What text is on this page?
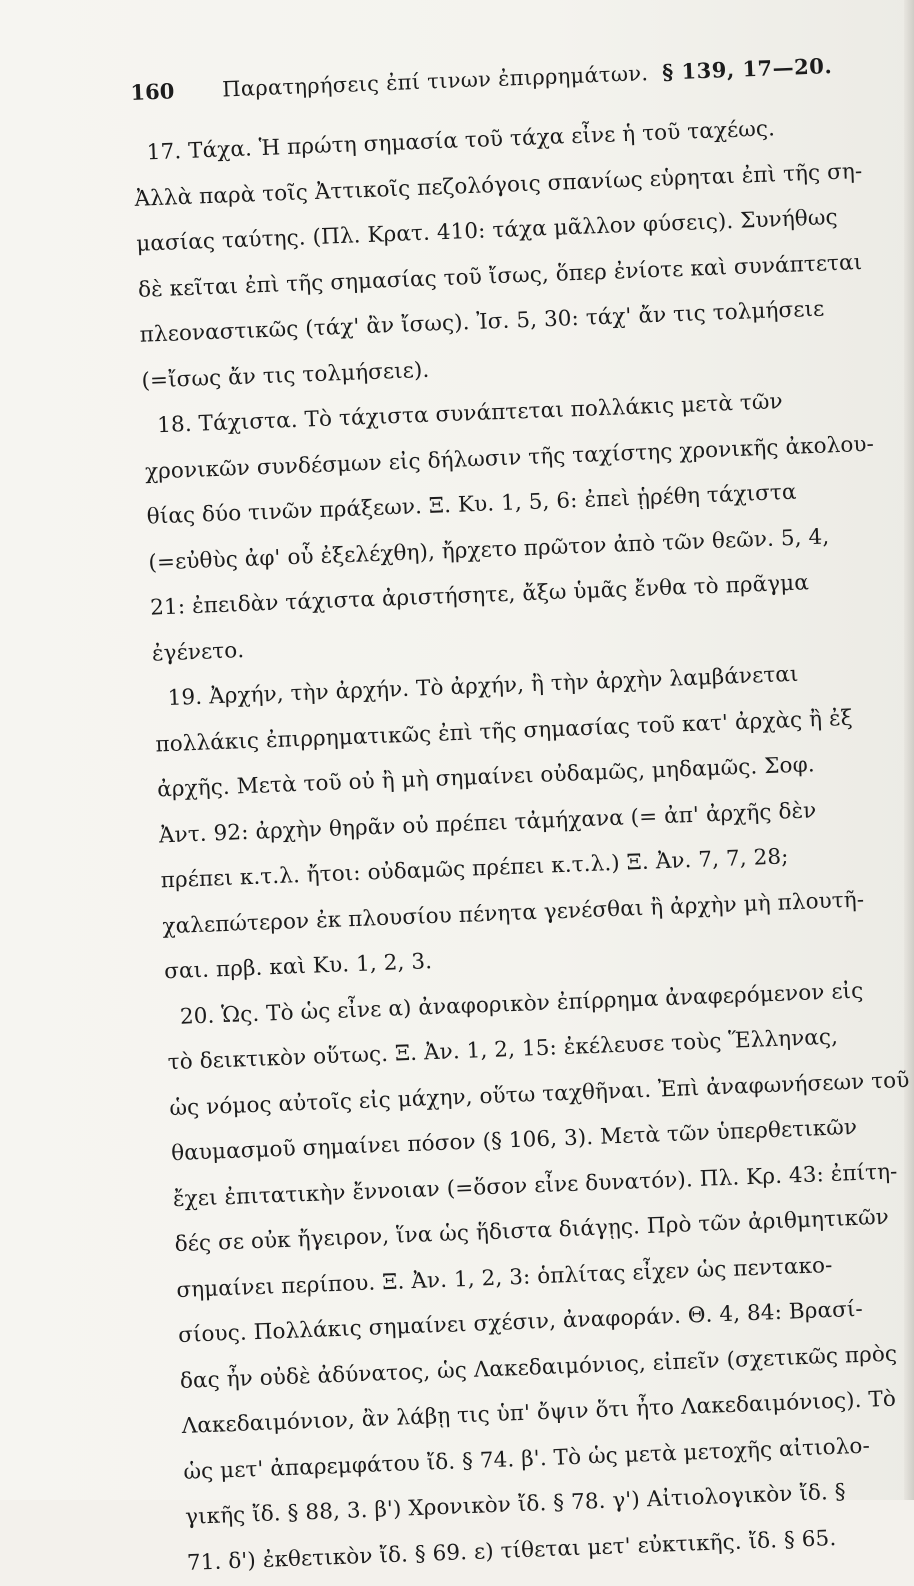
160 Παρατηρήσεις ἐπί τινων ἐπιρρημάτων. § 139, 17—20.
17. Τάχα. Ἡ πρώτη σημασία τοῦ τάχα εἶνε ἡ τοῦ ταχέως.
Ἀλλὰ παρὰ τοῖς Ἀττικοῖς πεζολόγοις σπανίως εὑρηται ἐπὶ τῆς ση-
μασίας ταύτης. (Πλ. Κρατ. 410: τάχα μᾶλλον φύσεις). Συνήθως
δὲ κεῖται ἐπὶ τῆς σημασίας τοῦ ἴσως, ὅπερ ἐνίοτε καὶ συνάπτεται
πλεοναστικῶς (τάχ' ἂν ἴσως). Ἰσ. 5, 30: τάχ' ἄν τις τολμήσειε
(=ἴσως ἄν τις τολμήσειε).
18. Τάχιστα. Τὸ τάχιστα συνάπτεται πολλάκις μετὰ τῶν
χρονικῶν συνδέσμων εἰς δήλωσιν τῆς ταχίστης χρονικῆς ἀκολου-
θίας δύο τινῶν πράξεων. Ξ. Κυ. 1, 5, 6: ἐπεὶ ᾑρέθη τάχιστα
(=εὐθὺς ἀφ' οὗ ἐξελέχθη), ἤρχετο πρῶτον ἀπὸ τῶν θεῶν. 5, 4,
21: ἐπειδὰν τάχιστα ἀριστήσητε, ἄξω ὑμᾶς ἔνθα τὸ πρᾶγμα
ἐγένετο.
19. Ἀρχήν, τὴν ἀρχήν. Τὸ ἀρχήν, ἢ τὴν ἀρχὴν λαμβάνεται
πολλάκις ἐπιρρηματικῶς ἐπὶ τῆς σημασίας τοῦ κατ' ἀρχὰς ἢ ἐξ
ἀρχῆς. Μετὰ τοῦ οὐ ἢ μὴ σημαίνει οὐδαμῶς, μηδαμῶς. Σοφ.
Ἀντ. 92: ἀρχὴν θηρᾶν οὐ πρέπει τἀμήχανα (= ἀπ' ἀρχῆς δὲν
πρέπει κ.τ.λ. ἤτοι: οὐδαμῶς πρέπει κ.τ.λ.) Ξ. Ἀν. 7, 7, 28;
χαλεπώτερον ἐκ πλουσίου πένητα γενέσθαι ἢ ἀρχὴν μὴ πλουτῆ-
σαι. πρβ. καὶ Κυ. 1, 2, 3.
20. Ὡς. Τὸ ὡς εἶνε α) ἀναφορικὸν ἐπίρρημα ἀναφερόμενον εἰς
τὸ δεικτικὸν οὕτως. Ξ. Ἀν. 1, 2, 15: ἐκέλευσε τοὺς Ἕλληνας,
ὡς νόμος αὐτοῖς εἰς μάχην, οὕτω ταχθῆναι. Ἐπὶ ἀναφωνήσεων τοῦ
θαυμασμοῦ σημαίνει πόσον (§ 106, 3). Μετὰ τῶν ὑπερθετικῶν
ἔχει ἐπιτατικὴν ἔννοιαν (=ὅσον εἶνε δυνατόν). Πλ. Κρ. 43: ἐπίτη-
δές σε οὐκ ἤγειρον, ἵνα ὡς ἥδιστα διάγῃς. Πρὸ τῶν ἀριθμητικῶν
σημαίνει περίπου. Ξ. Ἀν. 1, 2, 3: ὁπλίτας εἶχεν ὡς πεντακο-
σίους. Πολλάκις σημαίνει σχέσιν, ἀναφοράν. Θ. 4, 84: Βρασί-
δας ἦν οὐδὲ ἀδύνατος, ὡς Λακεδαιμόνιος, εἰπεῖν (σχετικῶς πρὸς
Λακεδαιμόνιον, ἂν λάβῃ τις ὑπ' ὄψιν ὅτι ἦτο Λακεδαιμόνιος). Τὸ
ὡς μετ' ἀπαρεμφάτου ἴδ. § 74. β'. Τὸ ὡς μετὰ μετοχῆς αἰτιολο-
γικῆς ἴδ. § 88, 3. β') Χρονικὸν ἴδ. § 78. γ') Αἰτιολογικὸν ἴδ. §
71. δ') ἐκθετικὸν ἴδ. § 69. ε) τίθεται μετ' εὐκτικῆς. ἴδ. § 65.
